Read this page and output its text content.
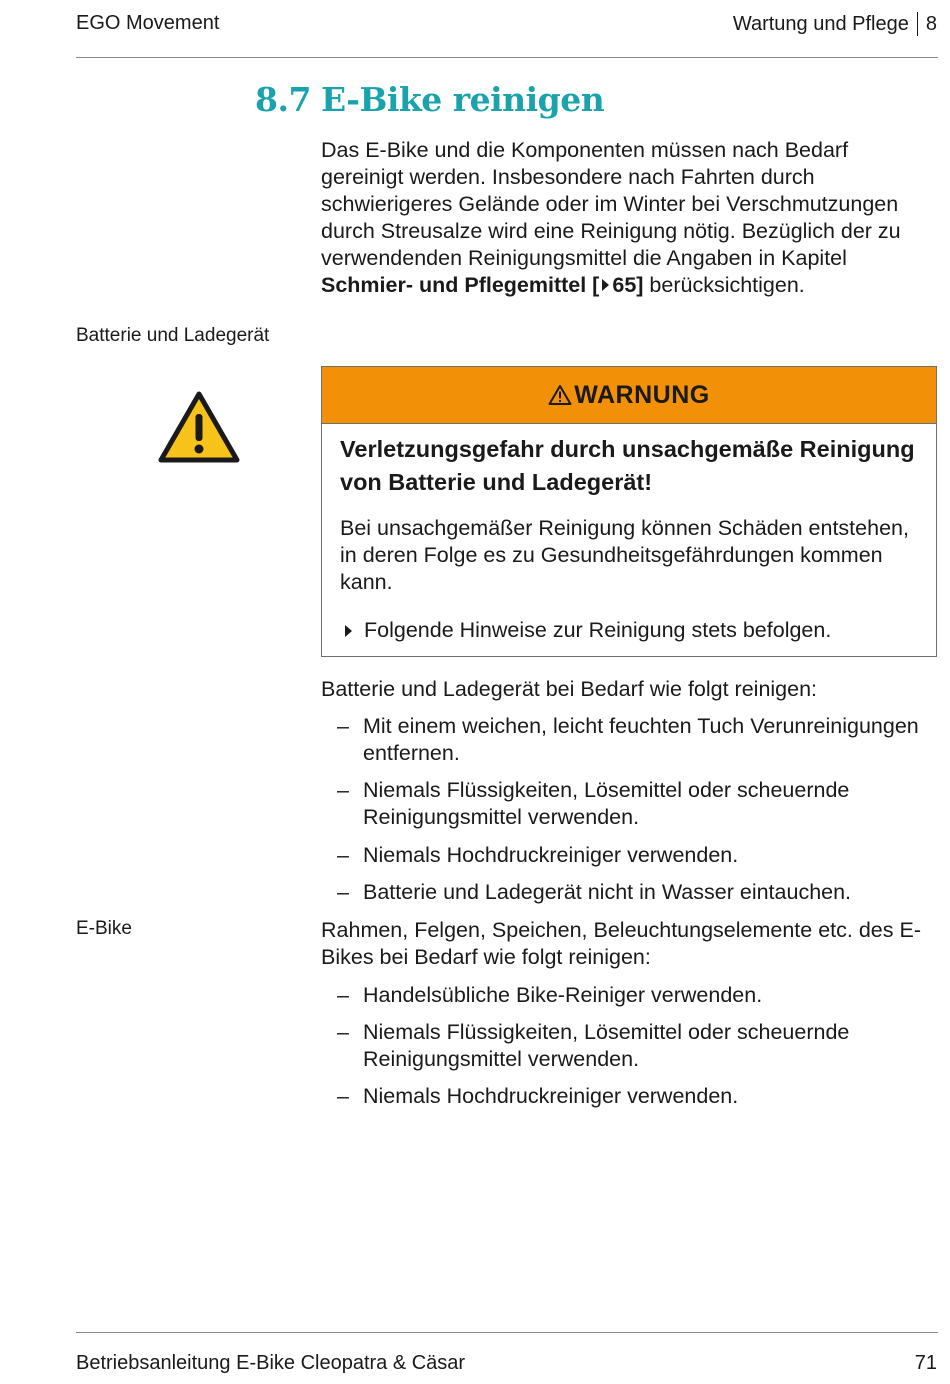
EGO Movement	Wartung und Pflege 8
8.7 E-Bike reinigen
Das E-Bike und die Komponenten müssen nach Bedarf gereinigt werden. Insbesondere nach Fahrten durch schwierigeres Gelände oder im Winter bei Verschmutzungen durch Streusalze wird eine Reinigung nötig. Bezüglich der zu verwendenden Reinigungsmittel die Angaben in Kapitel Schmier- und Pflegemittel [ 65] berücksichtigen.
Batterie und Ladegerät
WARNUNG
Verletzungsgefahr durch unsachgemäße Reinigung von Batterie und Ladegerät!
Bei unsachgemäßer Reinigung können Schäden entstehen, in deren Folge es zu Gesundheitsgefährdungen kommen kann.
Folgende Hinweise zur Reinigung stets befolgen.
Batterie und Ladegerät bei Bedarf wie folgt reinigen:
– Mit einem weichen, leicht feuchten Tuch Verunreinigungen entfernen.
– Niemals Flüssigkeiten, Lösemittel oder scheuernde Reinigungsmittel verwenden.
– Niemals Hochdruckreiniger verwenden.
– Batterie und Ladegerät nicht in Wasser eintauchen.
E-Bike	Rahmen, Felgen, Speichen, Beleuchtungselemente etc. des E-Bikes bei Bedarf wie folgt reinigen:
– Handelsübliche Bike-Reiniger verwenden.
– Niemals Flüssigkeiten, Lösemittel oder scheuernde Reinigungsmittel verwenden.
– Niemals Hochdruckreiniger verwenden.
Betriebsanleitung E-Bike Cleopatra & Cäsar	71
